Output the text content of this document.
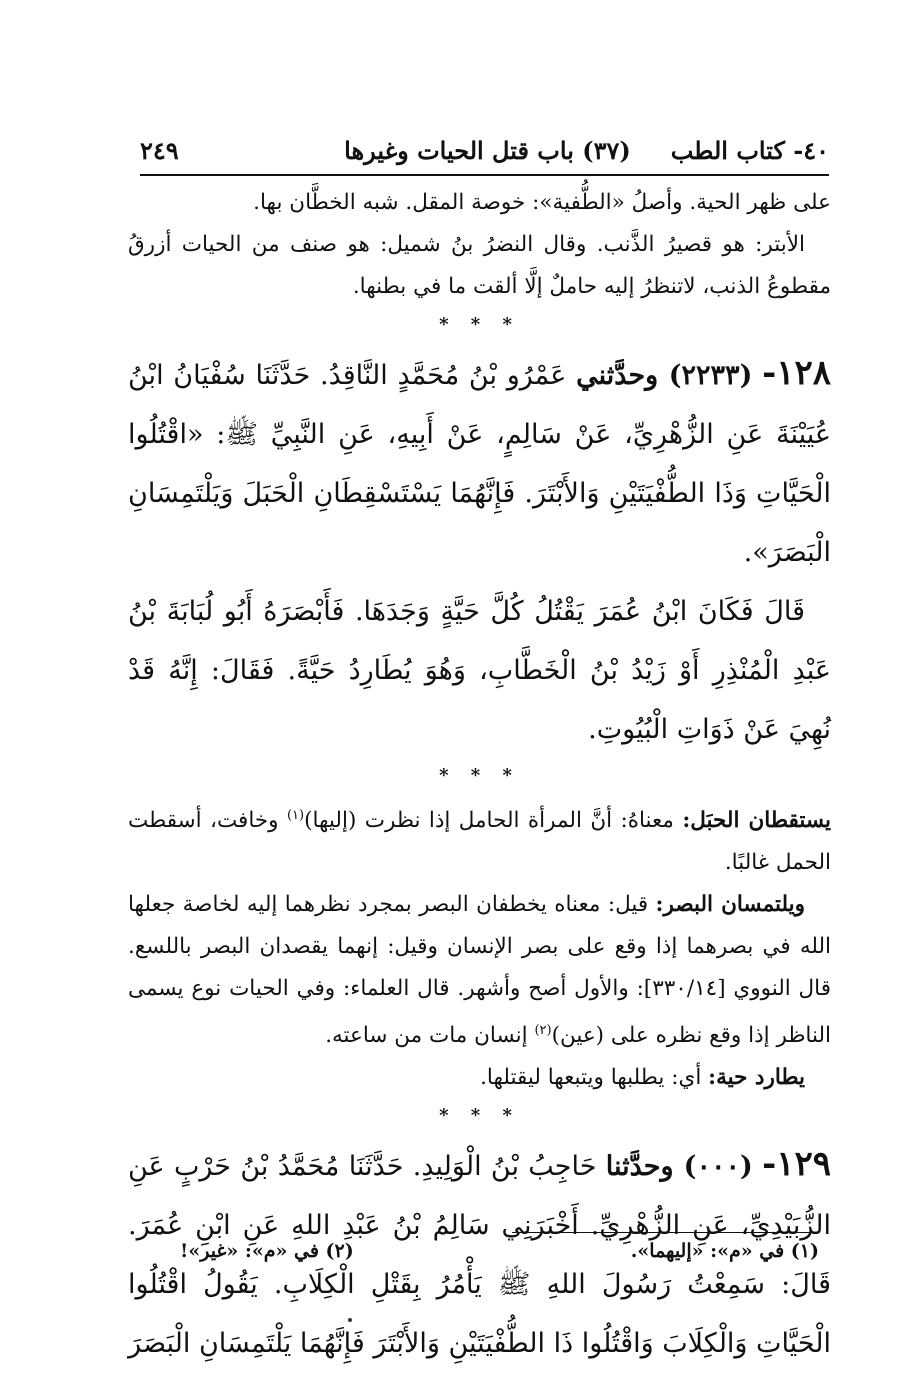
٤٠- كتاب الطب
(٣٧) باب قتل الحيات وغيرها
٢٤٩

على ظهر الحية. وأصلُ «الطُّفية»: خوصة المقل. شبه الخطَّان بها.

الأبتر: هو قصيرُ الذَّنب. وقال النضرُ بنُ شميل: هو صنف من الحيات أزرقُ مقطوعُ الذنب، لاتنظرُ إليه حاملٌ إلَّا ألقت ما في بطنها.

* * *

١٢٨- (٢٢٣٣) وحدَّثني عَمْرُو بْنُ مُحَمَّدٍ النَّاقِدُ. حَدَّثَنَا سُفْيَانُ ابْنُ عُيَيْنَةَ عَنِ الزُّهْرِيِّ، عَنْ سَالِمٍ، عَنْ أَبِيهِ، عَنِ النَّبِيِّ ﷺ: «اقْتُلُوا الْحَيَّاتِ وَذَا الطُّفْيَتَيْنِ وَالأَبْتَرَ. فَإِنَّهُمَا يَسْتَسْقِطَانِ الْحَبَلَ وَيَلْتَمِسَانِ الْبَصَرَ».

قَالَ فَكَانَ ابْنُ عُمَرَ يَقْتُلُ كُلَّ حَيَّةٍ وَجَدَهَا. فَأَبْصَرَهُ أَبُو لُبَابَةَ بْنُ عَبْدِ الْمُنْذِرِ أَوْ زَيْدُ بْنُ الْخَطَّابِ، وَهُوَ يُطَارِدُ حَيَّةً. فَقَالَ: إِنَّهُ قَدْ نُهِيَ عَنْ ذَوَاتِ الْبُيُوتِ.

* * *

يستقطان الحبَل: معناهُ: أنَّ المرأة الحامل إذا نظرت (إليها)$^{(١)}$ وخافت، أسقطت الحمل غالبًا.

ويلتمسان البصر: قيل: معناه يخطفان البصر بمجرد نظرهما إليه لخاصة جعلها الله في بصرهما إذا وقع على بصر الإنسان وقيل: إنهما يقصدان البصر باللسع. قال النووي [٣٣٠/١٤]: والأول أصح وأشهر. قال العلماء: وفي الحيات نوع يسمى الناظر إذا وقع نظره على (عين)$^{(٢)}$ إنسان مات من ساعته.

يطارد حية: أي: يطلبها ويتبعها ليقتلها.

* * *

١٢٩- (٠٠٠) وحدَّثنا حَاجِبُ بْنُ الْوَلِيدِ. حَدَّثَنَا مُحَمَّدُ بْنُ حَرْبٍ عَنِ الزُّبَيْدِيِّ، عَنِ الزُّهْرِيِّ. أَخْبَرَنِي سَالِمُ بْنُ عَبْدِ اللهِ عَنِ ابْنِ عُمَرَ. قَالَ: سَمِعْتُ رَسُولَ اللهِ ﷺ يَأْمُرُ بِقَتْلِ الْكِلَابِ. يَقُولُ اقْتُلُوا الْحَيَّاتِ وَالْكِلَابَ وَاقْتُلُوا ذَا الطُّفْيَتَيْنِ وَالأَبْتَرَ فَإِنَّهُمَا يَلْتَمِسَانِ الْبَصَرَ

(١) في «م»: «إليهما».
(٢) في «م»: «غير»!
